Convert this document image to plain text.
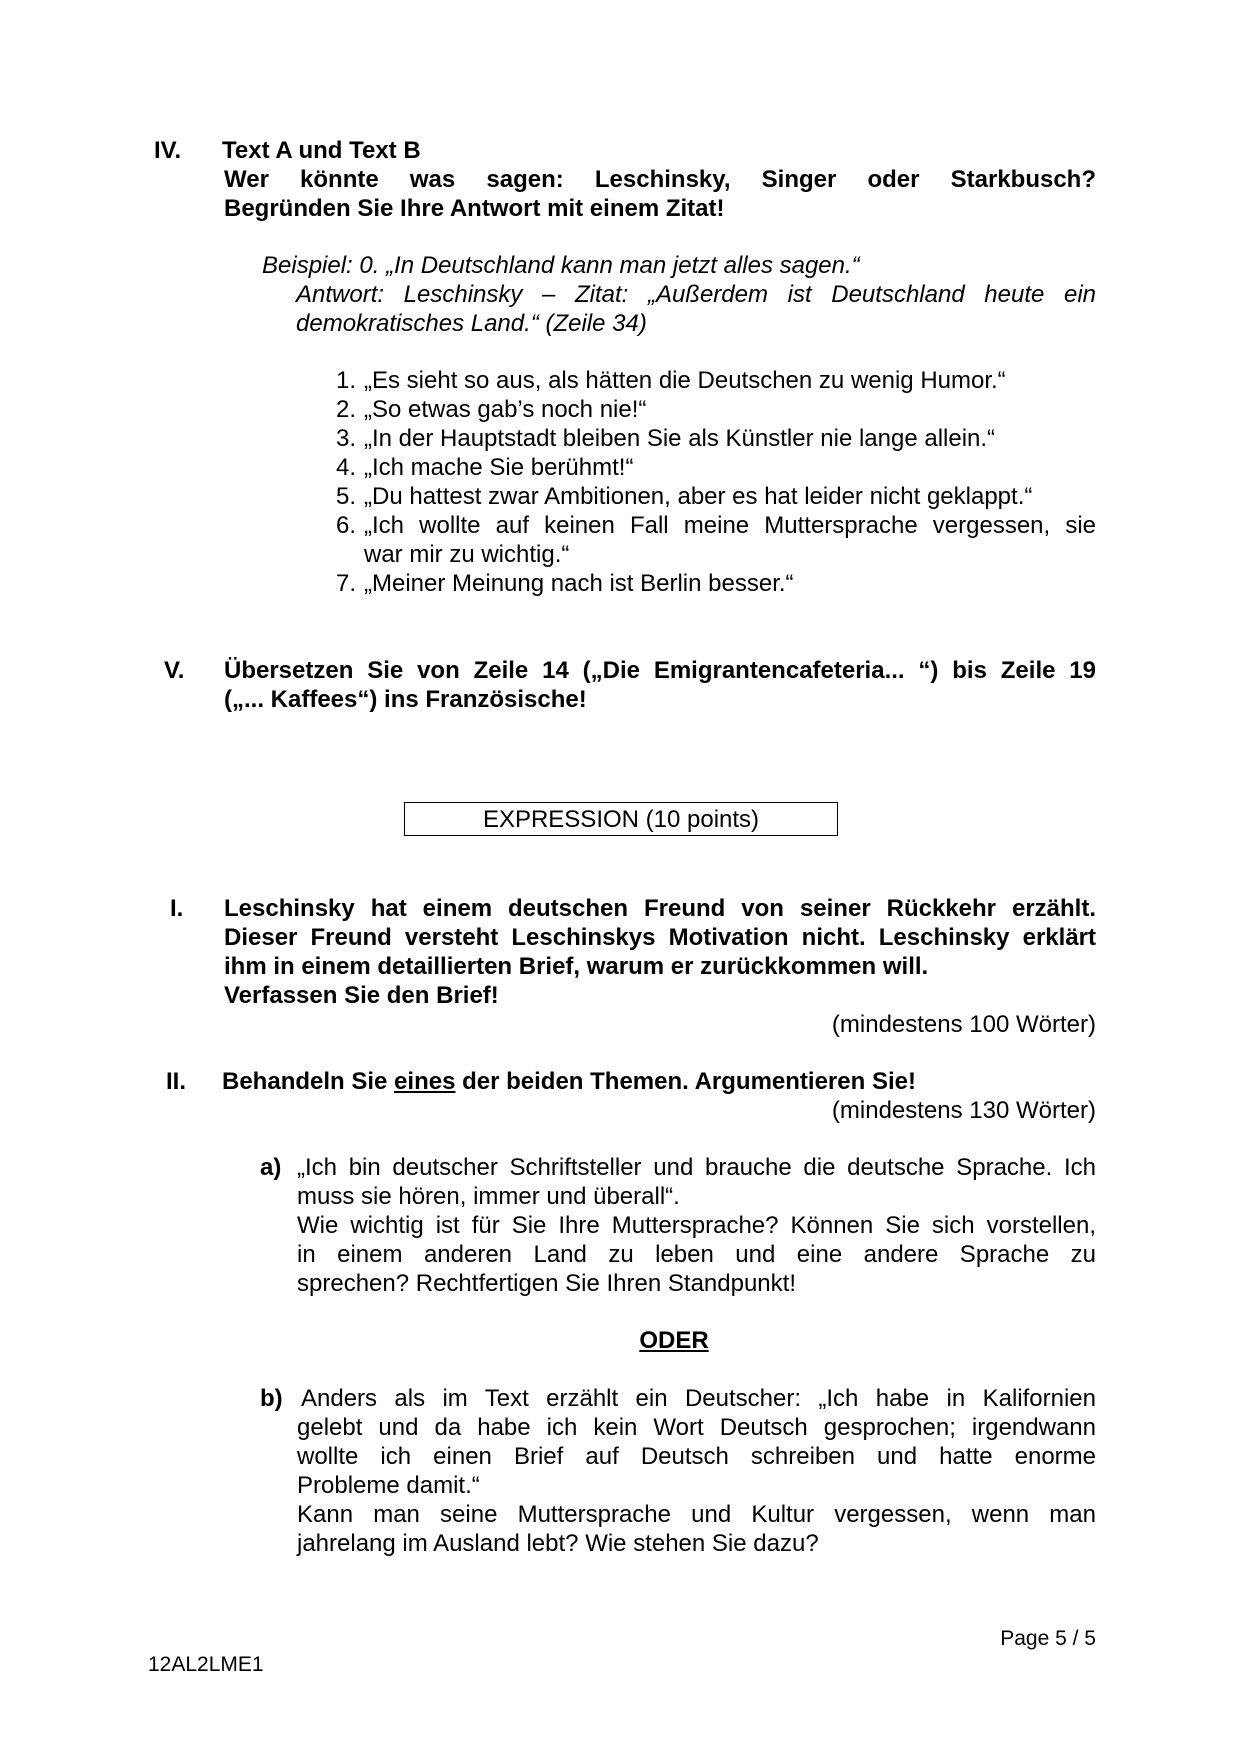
IV. Text A und Text B
Wer könnte was sagen: Leschinsky, Singer oder Starkbusch?
Begründen Sie Ihre Antwort mit einem Zitat!
Beispiel: 0. „In Deutschland kann man jetzt alles sagen.“
Antwort: Leschinsky – Zitat: „Außerdem ist Deutschland heute ein
demokratisches Land.“ (Zeile 34)
1. „Es sieht so aus, als hätten die Deutschen zu wenig Humor.“
2. „So etwas gab’s noch nie!“
3. „In der Hauptstadt bleiben Sie als Künstler nie lange allein.“
4. „Ich mache Sie berühmt!“
5. „Du hattest zwar Ambitionen, aber es hat leider nicht geklappt.“
6. „Ich wollte auf keinen Fall meine Muttersprache vergessen, sie
war mir zu wichtig.“
7. „Meiner Meinung nach ist Berlin besser.“
V. Übersetzen Sie von Zeile 14 („Die Emigrantencafeteria... “) bis Zeile 19
(„... Kaffees“) ins Französische!
EXPRESSION (10 points)
I. Leschinsky hat einem deutschen Freund von seiner Rückkehr erzählt.
Dieser Freund versteht Leschinskys Motivation nicht. Leschinsky erklärt
ihm in einem detaillierten Brief, warum er zurückkommen will.
Verfassen Sie den Brief!
(mindestens 100 Wörter)
II. Behandeln Sie eines der beiden Themen. Argumentieren Sie!
(mindestens 130 Wörter)
a) „Ich bin deutscher Schriftsteller und brauche die deutsche Sprache. Ich
muss sie hören, immer und überall“.
Wie wichtig ist für Sie Ihre Muttersprache? Können Sie sich vorstellen,
in einem anderen Land zu leben und eine andere Sprache zu
sprechen? Rechtfertigen Sie Ihren Standpunkt!
ODER
b) Anders als im Text erzählt ein Deutscher: „Ich habe in Kalifornien
gelebt und da habe ich kein Wort Deutsch gesprochen; irgendwann
wollte ich einen Brief auf Deutsch schreiben und hatte enorme
Probleme damit.“
Kann man seine Muttersprache und Kultur vergessen, wenn man
jahrelang im Ausland lebt? Wie stehen Sie dazu?
Page 5 / 5
12AL2LME1
